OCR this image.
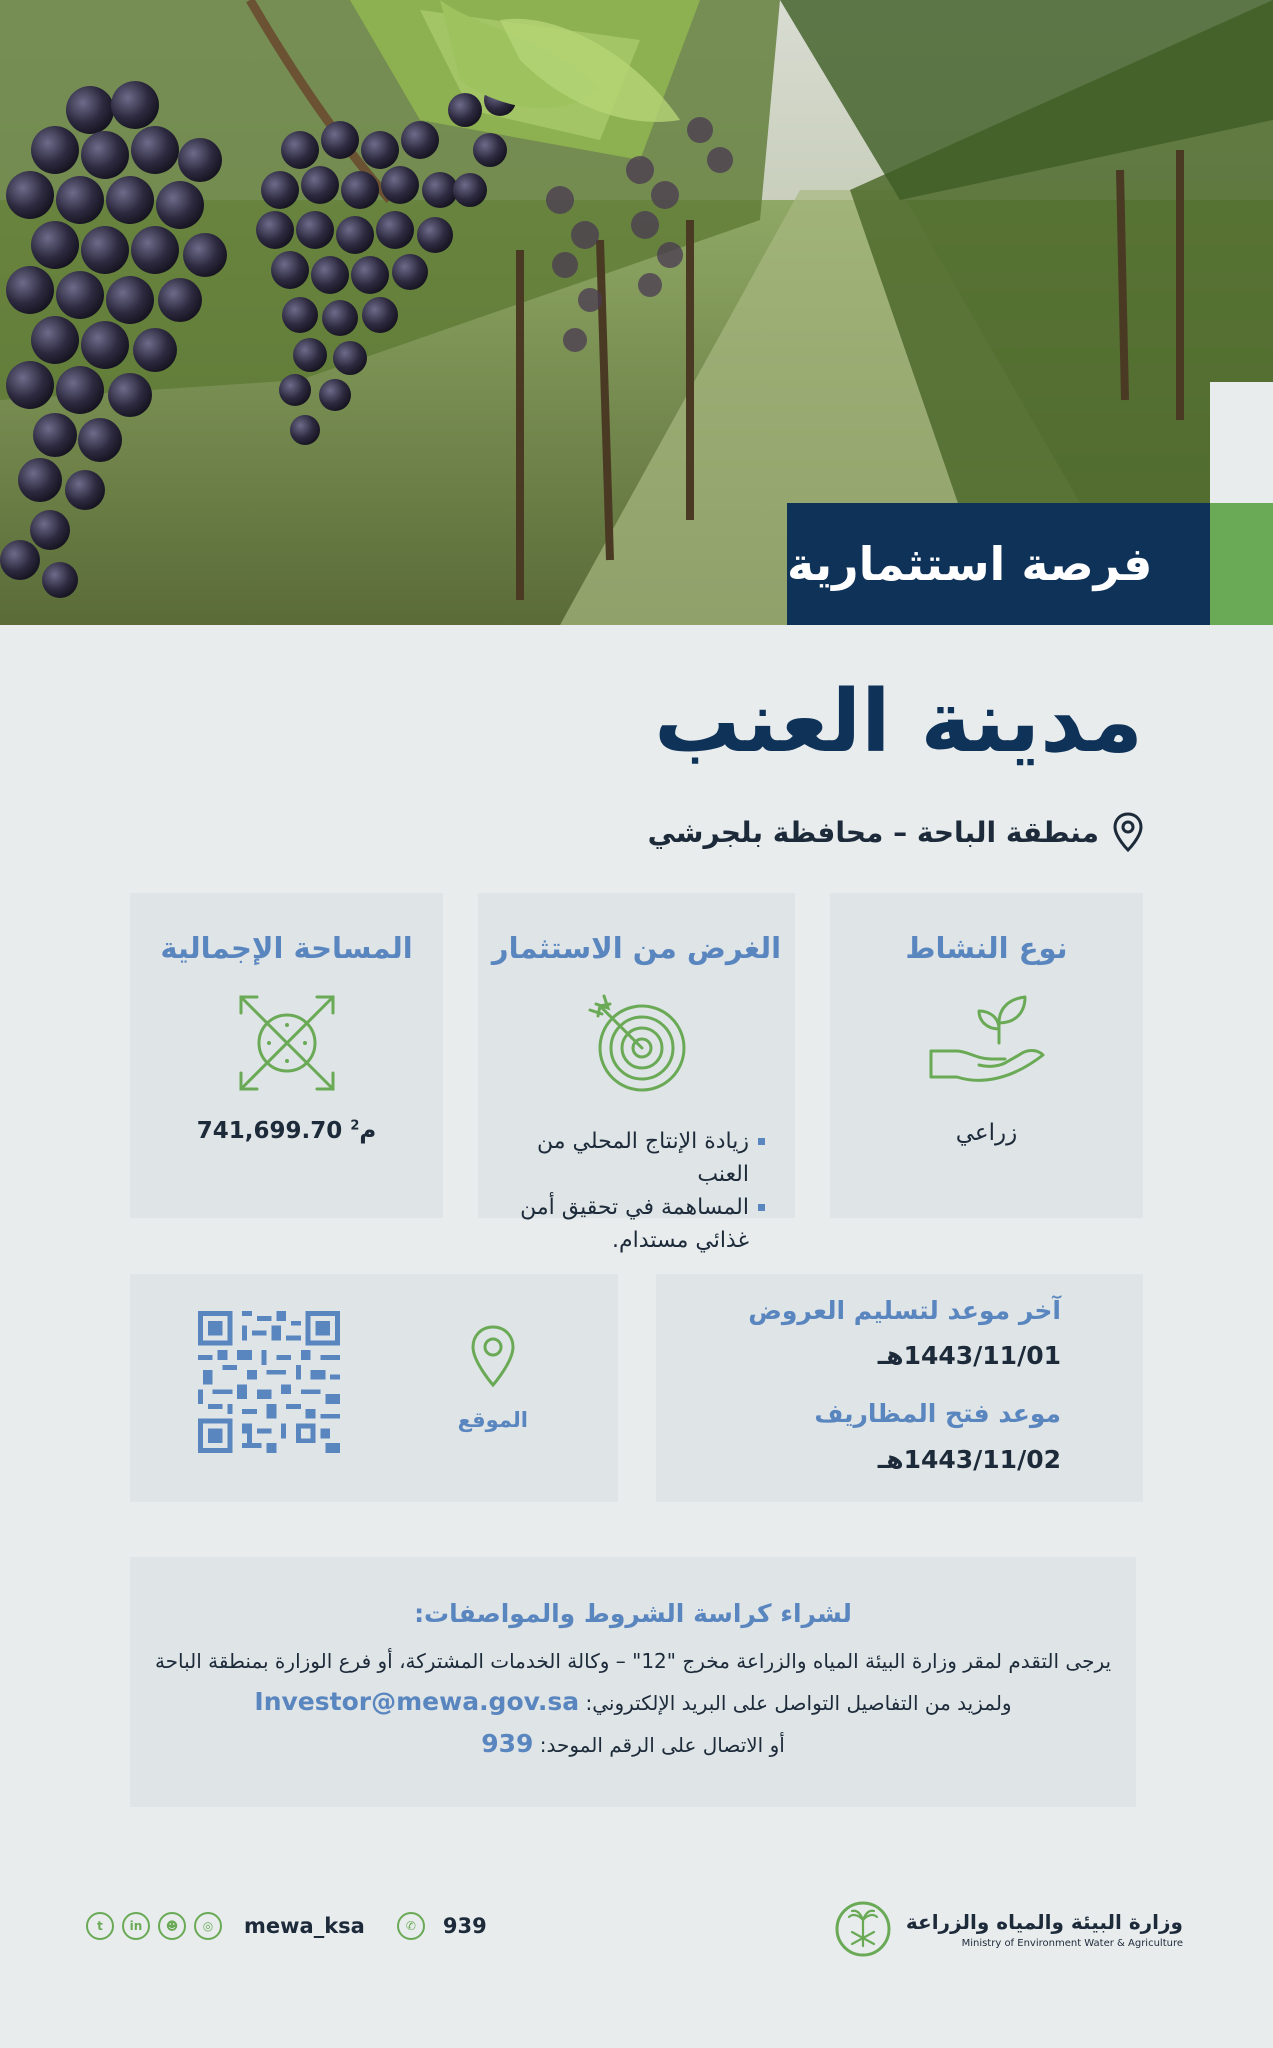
فرصة استثمارية
مدينة العنب
منطقة الباحة – محافظة بلجرشي
نوع النشاط
زراعي
الغرض من الاستثمار
زيادة الإنتاج المحلي من العنب
المساهمة في تحقيق أمن غذائي مستدام.
المساحة الإجمالية
م$^2$ 741,699.70
آخر موعد لتسليم العروض
1443/11/01هـ
موعد فتح المظاريف
1443/11/02هـ
الموقع
لشراء كراسة الشروط والمواصفات:
يرجى التقدم لمقر وزارة البيئة المياه والزراعة مخرج "12" – وكالة الخدمات المشتركة، أو فرع الوزارة بمنطقة الباحة
ولمزيد من التفاصيل التواصل على البريد الإلكتروني: Investor@mewa.gov.sa
أو الاتصال على الرقم الموحد: 939
وزارة البيئة والمياه والزراعة
Ministry of Environment Water & Agriculture
t	in	☻	◎	mewa_ksa	✆	939
